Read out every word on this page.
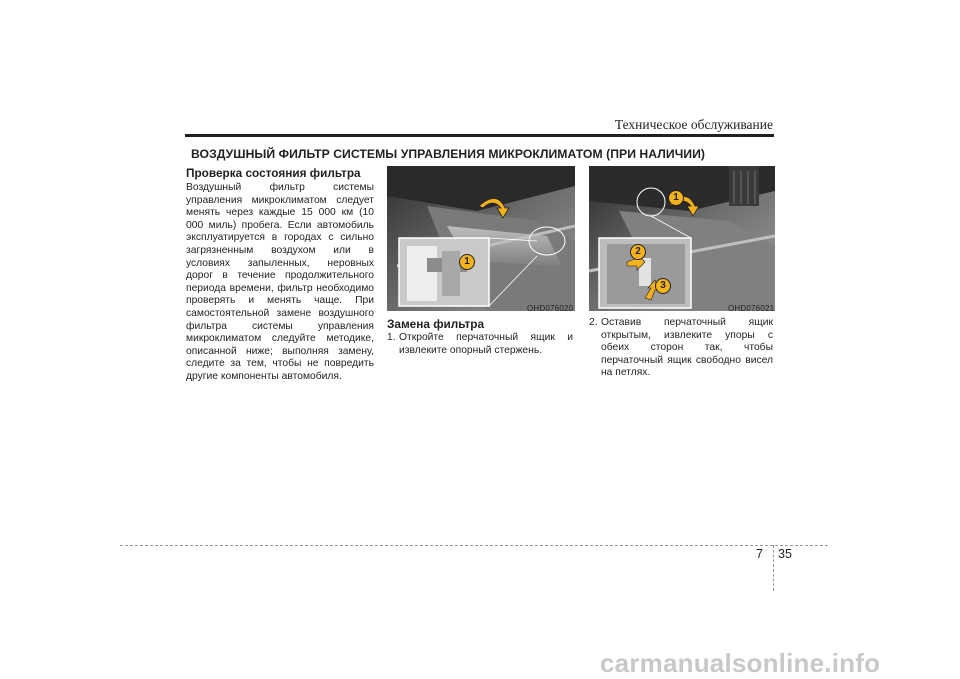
Техническое обслуживание
ВОЗДУШНЫЙ ФИЛЬТР СИСТЕМЫ УПРАВЛЕНИЯ МИКРОКЛИМАТОМ (ПРИ НАЛИЧИИ)
Проверка состояния фильтра
Воздушный фильтр системы управления микроклиматом следует менять через каждые 15 000 км (10 000 миль) пробега. Если автомобиль эксплуатируется в городах с сильно загрязненным воздухом или в условиях запыленных, неровных дорог в течение продолжительного периода времени, фильтр необходимо проверять и менять чаще. При самостоятельной замене воздушного фильтра системы управления микроклиматом следуйте методике, описанной ниже; выполняя замену, следите за тем, чтобы не повредить другие компоненты автомобиля.
1
OHD076020
Замена фильтра
1. Откройте перчаточный ящик и извлеките опорный стержень.
1
2
3
OHD076021
2. Оставив перчаточный ящик открытым, извлеките упоры с обеих сторон так, чтобы перчаточный ящик свободно висел на петлях.
7 35
carmanualsonline.info
